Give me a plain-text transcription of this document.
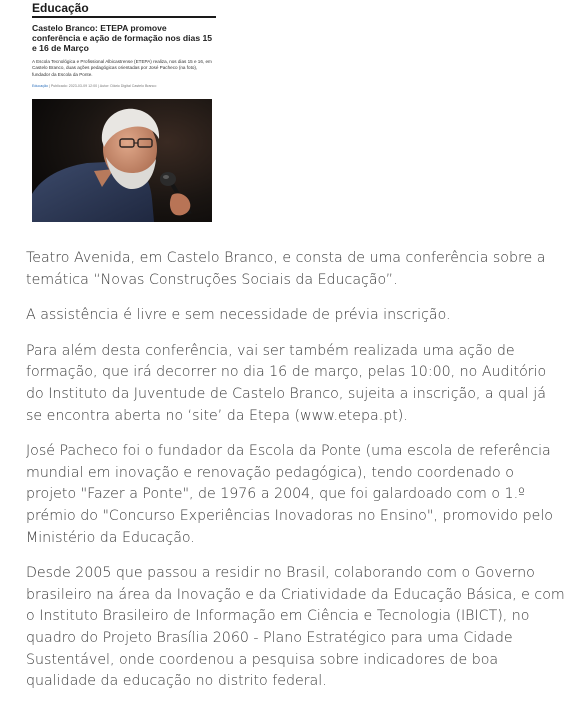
Educação
Castelo Branco: ETEPA promove conferência e ação de formação nos dias 15 e 16 de Março
A Escola Tecnológica e Profissional Albicastrense (ETEPA) realiza, nos dias 15 e 16, em Castelo Branco, duas ações pedagógicas orientadas por José Pacheco (na foto), fundador da Escola da Ponte.
Educação | Publicado: 2023-03-09 12:00 | Autor: Diário Digital Castelo Branco

Teatro Avenida, em Castelo Branco, e consta de uma conferência sobre a temática “Novas Construções Sociais da Educação”.

A assistência é livre e sem necessidade de prévia inscrição.

Para além desta conferência, vai ser também realizada uma ação de formação, que irá decorrer no dia 16 de março, pelas 10:00, no Auditório do Instituto da Juventude de Castelo Branco, sujeita a inscrição, a qual já se encontra aberta no ‘site’ da Etepa (www.etepa.pt).

José Pacheco foi o fundador da Escola da Ponte (uma escola de referência mundial em inovação e renovação pedagógica), tendo coordenado o projeto "Fazer a Ponte", de 1976 a 2004, que foi galardoado com o 1.º prémio do "Concurso Experiências Inovadoras no Ensino", promovido pelo Ministério da Educação.

Desde 2005 que passou a residir no Brasil, colaborando com o Governo brasileiro na área da Inovação e da Criatividade da Educação Básica, e com o Instituto Brasileiro de Informação em Ciência e Tecnologia (IBICT), no quadro do Projeto Brasília 2060 - Plano Estratégico para uma Cidade Sustentável, onde coordenou a pesquisa sobre indicadores de boa qualidade da educação no distrito federal.
